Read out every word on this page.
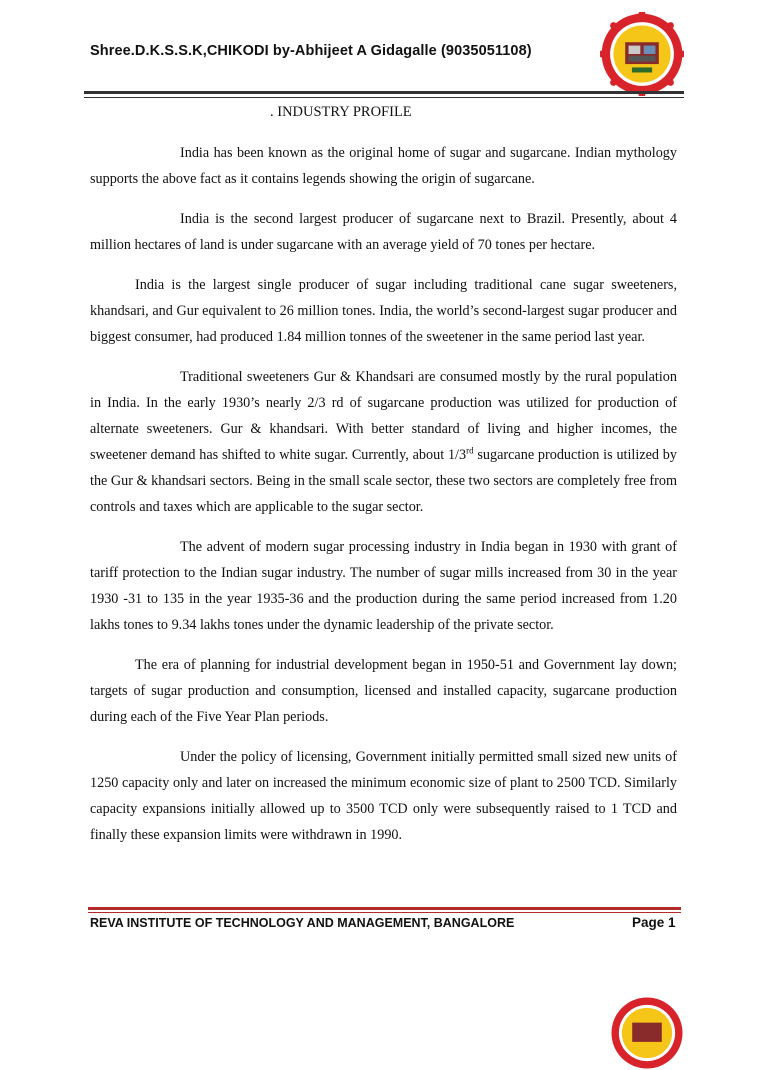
Shree.D.K.S.S.K,CHIKODI by-Abhijeet A Gidagalle (9035051108)
. INDUSTRY PROFILE

India has been known as the original home of sugar and sugarcane. Indian mythology supports the above fact as it contains legends showing the origin of sugarcane.

India is the second largest producer of sugarcane next to Brazil. Presently, about 4 million hectares of land is under sugarcane with an average yield of 70 tones per hectare.

India is the largest single producer of sugar including traditional cane sugar sweeteners, khandsari, and Gur equivalent to 26 million tones. India, the world’s second-largest sugar producer and biggest consumer, had produced 1.84 million tonnes of the sweetener in the same period last year.

Traditional sweeteners Gur & Khandsari are consumed mostly by the rural population in India. In the early 1930’s nearly 2/3 rd of sugarcane production was utilized for production of alternate sweeteners. Gur & khandsari. With better standard of living and higher incomes, the sweetener demand has shifted to white sugar. Currently, about 1/3rd sugarcane production is utilized by the Gur & khandsari sectors. Being in the small scale sector, these two sectors are completely free from controls and taxes which are applicable to the sugar sector.

The advent of modern sugar processing industry in India began in 1930 with grant of tariff protection to the Indian sugar industry. The number of sugar mills increased from 30 in the year 1930 -31 to 135 in the year 1935-36 and the production during the same period increased from 1.20 lakhs tones to 9.34 lakhs tones under the dynamic leadership of the private sector.

The era of planning for industrial development began in 1950-51 and Government lay down; targets of sugar production and consumption, licensed and installed capacity, sugarcane production during each of the Five Year Plan periods.

Under the policy of licensing, Government initially permitted small sized new units of 1250 capacity only and later on increased the minimum economic size of plant to 2500 TCD. Similarly capacity expansions initially allowed up to 3500 TCD only were subsequently raised to 1 TCD and finally these expansion limits were withdrawn in 1990.

REVA INSTITUTE OF TECHNOLOGY AND MANAGEMENT, BANGALORE	Page 1
